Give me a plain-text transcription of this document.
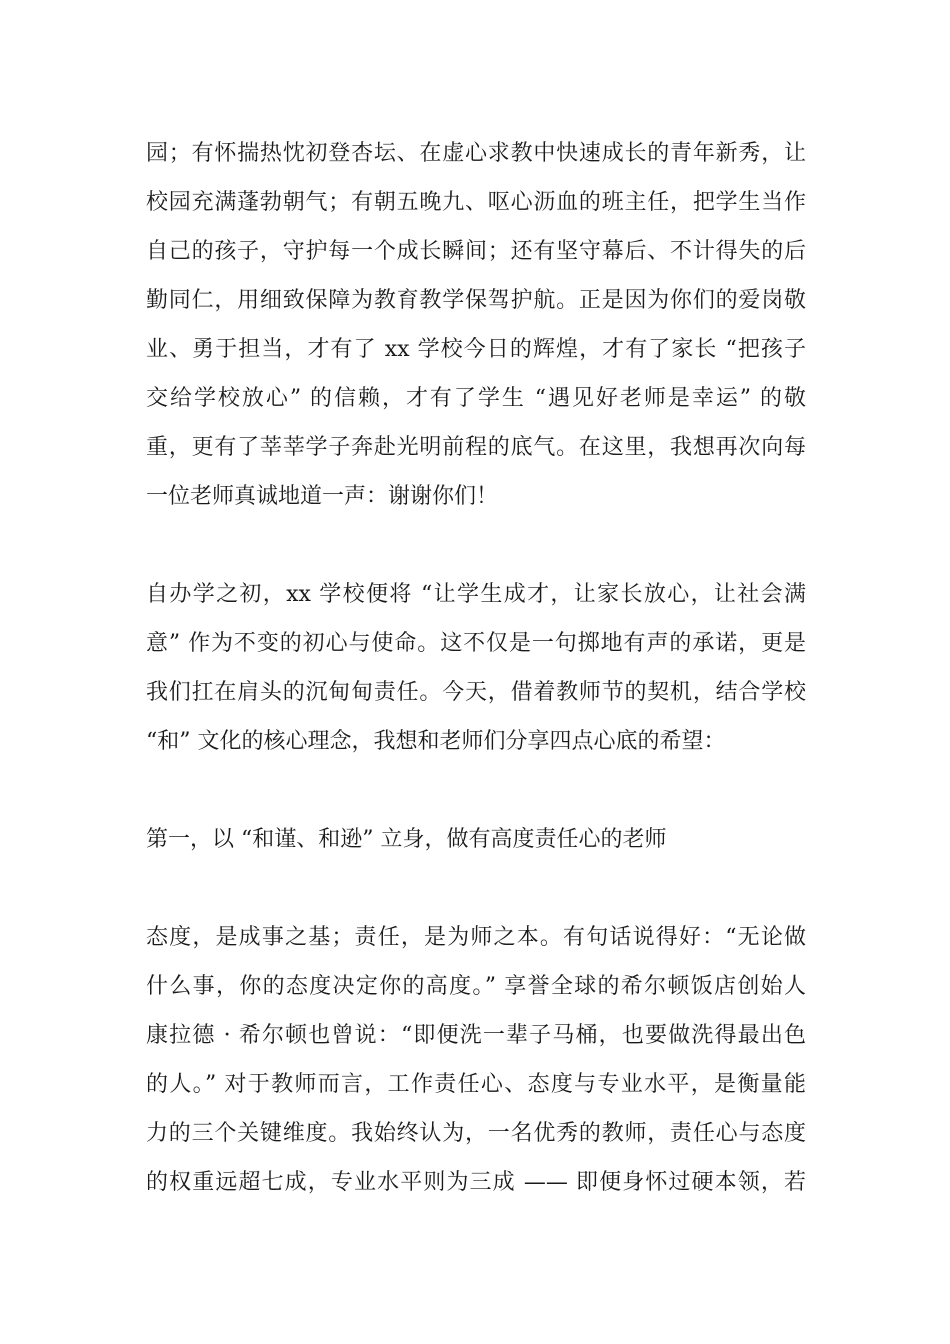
园；有怀揣热忱初登杏坛、在虚心求教中快速成长的青年新秀，让
校园充满蓬勃朝气；有朝五晚九、呕心沥血的班主任，把学生当作
自己的孩子，守护每一个成长瞬间；还有坚守幕后、不计得失的后
勤同仁，用细致保障为教育教学保驾护航。正是因为你们的爱岗敬
业、勇于担当，才有了 xx 学校今日的辉煌，才有了家长 “把孩子
交给学校放心” 的信赖，才有了学生 “遇见好老师是幸运” 的敬
重，更有了莘莘学子奔赴光明前程的底气。在这里，我想再次向每
一位老师真诚地道一声：谢谢你们！
自办学之初，xx 学校便将 “让学生成才，让家长放心，让社会满
意” 作为不变的初心与使命。这不仅是一句掷地有声的承诺，更是
我们扛在肩头的沉甸甸责任。今天，借着教师节的契机，结合学校
“和” 文化的核心理念，我想和老师们分享四点心底的希望：
第一，以 “和谨、和逊” 立身，做有高度责任心的老师
态度，是成事之基；责任，是为师之本。有句话说得好：“无论做
什么事，你的态度决定你的高度。” 享誉全球的希尔顿饭店创始人
康拉德 · 希尔顿也曾说：“即便洗一辈子马桶，也要做洗得最出色
的人。” 对于教师而言，工作责任心、态度与专业水平，是衡量能
力的三个关键维度。我始终认为，一名优秀的教师，责任心与态度
的权重远超七成，专业水平则为三成 —— 即便身怀过硬本领，若
